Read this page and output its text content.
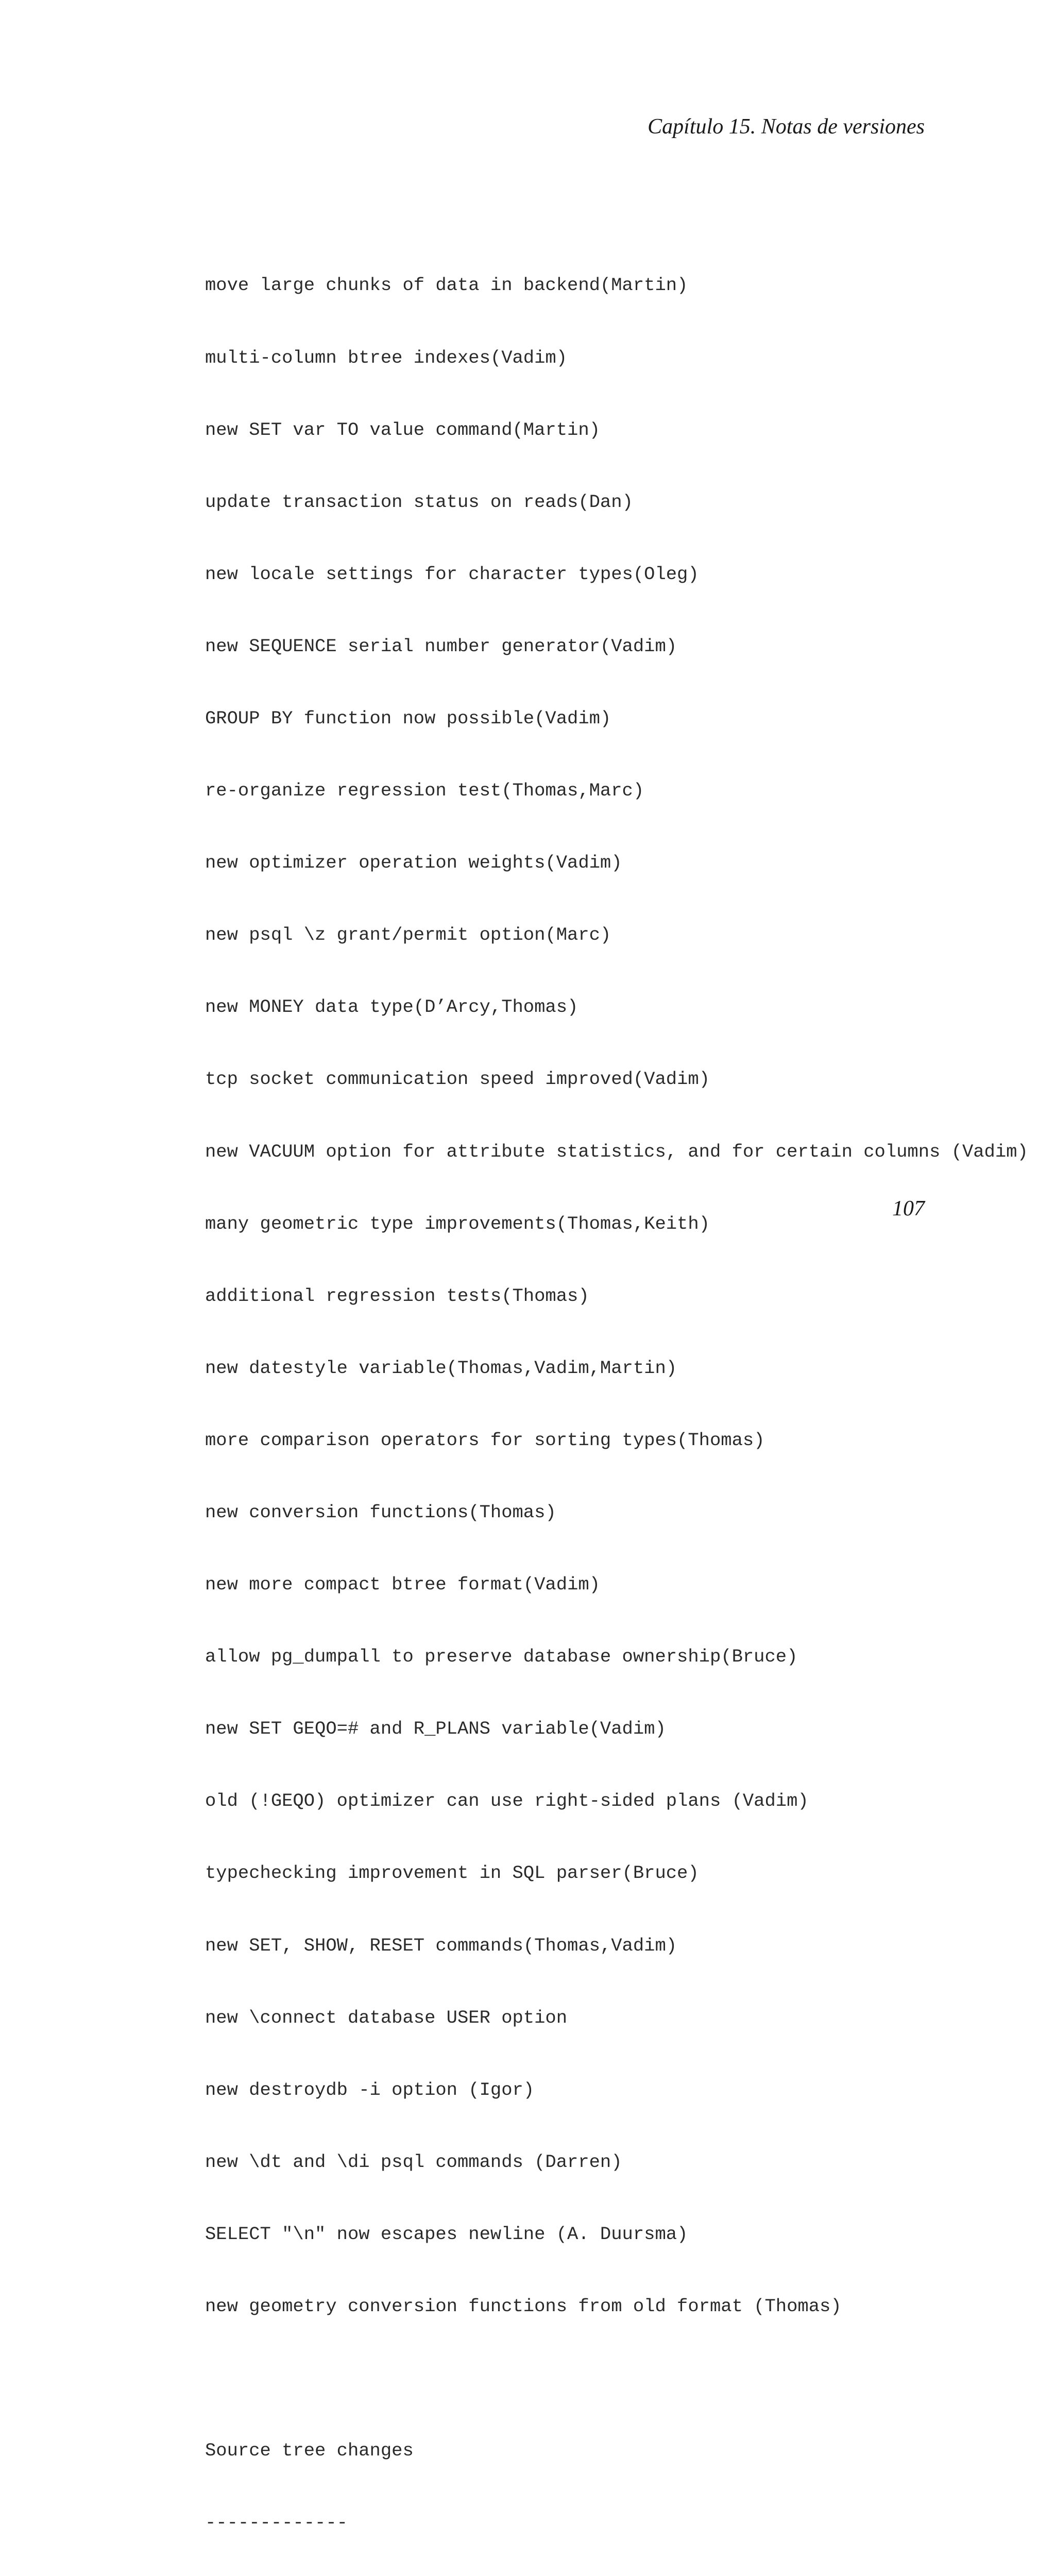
Capítulo 15. Notas de versiones

move large chunks of data in backend(Martin)

multi-column btree indexes(Vadim)

new SET var TO value command(Martin)

update transaction status on reads(Dan)

new locale settings for character types(Oleg)

new SEQUENCE serial number generator(Vadim)

GROUP BY function now possible(Vadim)

re-organize regression test(Thomas,Marc)

new optimizer operation weights(Vadim)

new psql \z grant/permit option(Marc)

new MONEY data type(D’Arcy,Thomas)

tcp socket communication speed improved(Vadim)

new VACUUM option for attribute statistics, and for certain columns (Vadim)

many geometric type improvements(Thomas,Keith)

additional regression tests(Thomas)

new datestyle variable(Thomas,Vadim,Martin)

more comparison operators for sorting types(Thomas)

new conversion functions(Thomas)

new more compact btree format(Vadim)

allow pg_dumpall to preserve database ownership(Bruce)

new SET GEQO=# and R_PLANS variable(Vadim)

old (!GEQO) optimizer can use right-sided plans (Vadim)

typechecking improvement in SQL parser(Bruce)

new SET, SHOW, RESET commands(Thomas,Vadim)

new \connect database USER option

new destroydb -i option (Igor)

new \dt and \di psql commands (Darren)

SELECT "\n" now escapes newline (A. Duursma)

new geometry conversion functions from old format (Thomas)

Source tree changes

-------------

107
